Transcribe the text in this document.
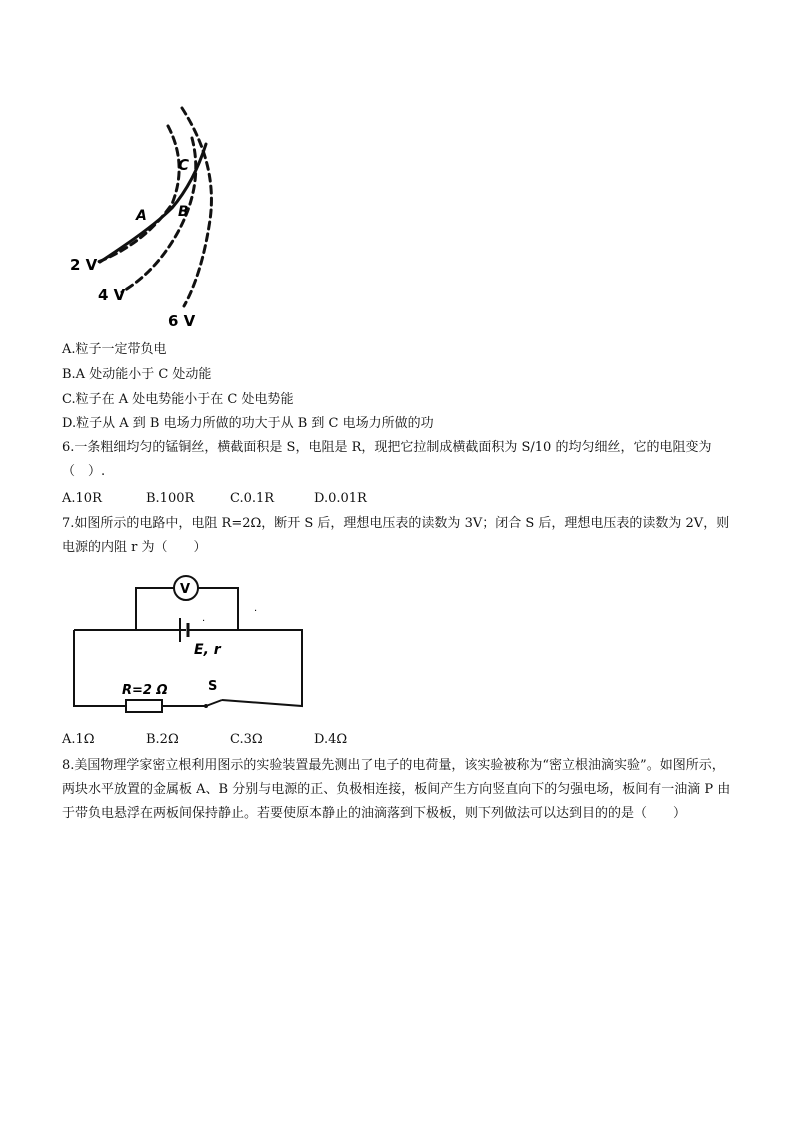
C
A B
2 V
4 V
6 V
A.粒子一定带负电
B.A 处动能小于 C 处动能
C.粒子在 A 处电势能小于在 C 处电势能
D.粒子从 A 到 B 电场力所做的功大于从 B 到 C 电场力所做的功
6.一条粗细均匀的锰铜丝，横截面积是 S，电阻是 R，现把它拉制成横截面积为 S/10 的均匀细丝，它的电阻变为（　）.
A.10R	B.100R	C.0.1R	D.0.01R
7.如图所示的电路中，电阻 R=2Ω，断开 S 后，理想电压表的读数为 3V；闭合 S 后，理想电压表的读数为 2V，则电源的内阻 r 为（　　）
V
E, r
·
·
R=2 Ω	S
A.1Ω	B.2Ω	C.3Ω	D.4Ω
8.美国物理学家密立根利用图示的实验装置最先测出了电子的电荷量，该实验被称为“密立根油滴实验”。如图所示，两块水平放置的金属板 A、B 分别与电源的正、负极相连接，板间产生方向竖直向下的匀强电场，板间有一油滴 P 由于带负电悬浮在两板间保持静止。若要使原本静止的油滴落到下极板，则下列做法可以达到目的的是（　　）
